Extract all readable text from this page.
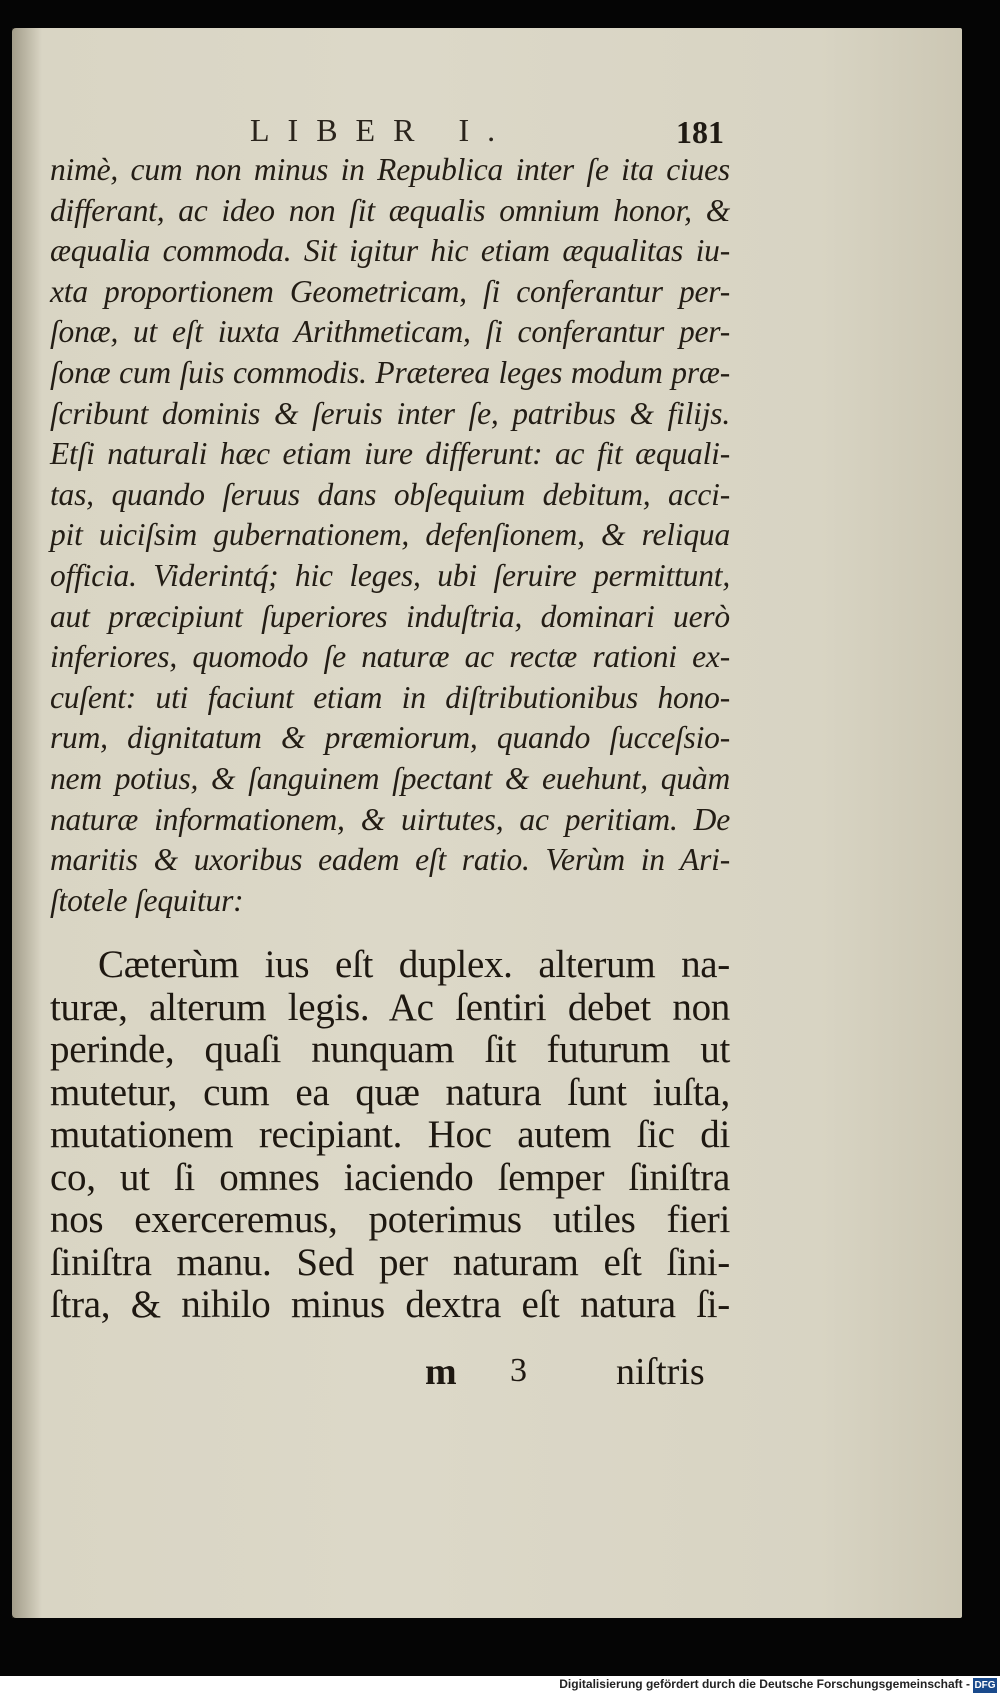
LIBER I.	181
nimè, cum non minus in Republica inter ſe ita ciues
differant, ac ideo non ſit æqualis omnium honor, &
æqualia commoda. Sit igitur hic etiam æqualitas iu-
xta proportionem Geometricam, ſi conferantur per-
ſonæ, ut eſt iuxta Arithmeticam, ſi conferantur per-
ſonæ cum ſuis commodis. Præterea leges modum præ-
ſcribunt dominis & ſeruis inter ſe, patribus & filijs.
Etſi naturali hæc etiam iure differunt: ac fit æquali-
tas, quando ſeruus dans obſequium debitum, acci-
pit uiciſsim gubernationem, defenſionem, & reliqua
officia. Viderintq́; hic leges, ubi ſeruire permittunt,
aut præcipiunt ſuperiores induſtria, dominari uerò
inferiores, quomodo ſe naturæ ac rectæ rationi ex-
cuſent: uti faciunt etiam in diſtributionibus hono-
rum, dignitatum & præmiorum, quando ſucceſsio-
nem potius, & ſanguinem ſpectant & euehunt, quàm
naturæ informationem, & uirtutes, ac peritiam. De
maritis & uxoribus eadem eſt ratio. Verùm in Ari-
ſtotele ſequitur:
Cæterùm ius eſt duplex. alterum na-
turæ, alterum legis. Ac ſentiri debet non
perinde, quaſi nunquam ſit futurum ut
mutetur, cum ea quæ natura ſunt iuſta,
mutationem recipiant. Hoc autem ſic di
co, ut ſi omnes iaciendo ſemper ſiniſtra
nos exerceremus, poterimus utiles fieri
ſiniſtra manu. Sed per naturam eſt ſini-
ſtra, & nihilo minus dextra eſt natura ſi-
m 3 niſtris
Digitalisierung gefördert durch die Deutsche Forschungsgemeinschaft - DFG
